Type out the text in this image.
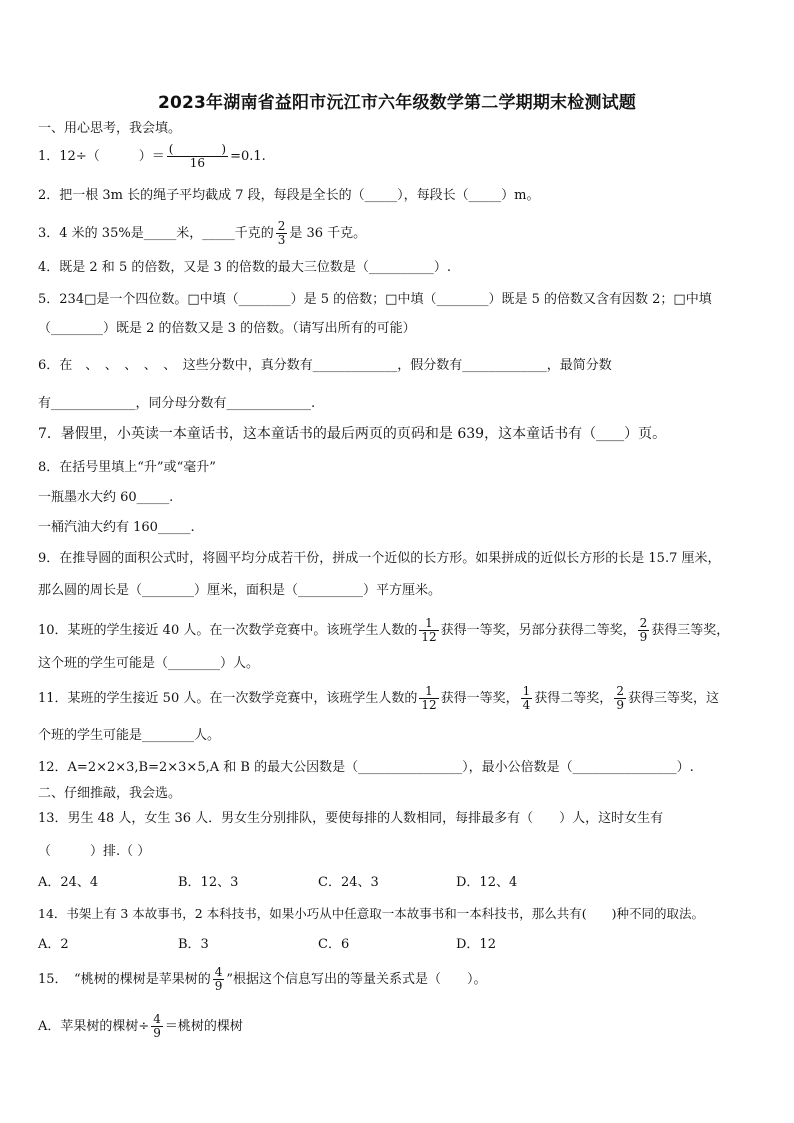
2023年湖南省益阳市沅江市六年级数学第二学期期末检测试题
一、用心思考，我会填。
1．12÷（　　　）＝ $\frac{( )}{16} =0.1$.
2．把一根 3m 长的绳子平均截成 7 段，每段是全长的（_____），每段长（_____）m。
3．4 米的 35%是_____米，_____千克的 $\frac{2}{3}$ 是 36 千克。
4．既是 2 和 5 的倍数，又是 3 的倍数的最大三位数是（__________）.
5．234□是一个四位数。□中填（________）是 5 的倍数；□中填（________）既是 5 的倍数又含有因数 2；□中填
（________）既是 2 的倍数又是 3 的倍数。（请写出所有的可能）
6．在　、　、　、　、　、　这些分数中，真分数有_____________，假分数有_____________，最简分数
有_____________，同分母分数有_____________.
7．暑假里，小英读一本童话书，这本童话书的最后两页的页码和是 639，这本童话书有（____）页。
8．在括号里填上“升”或“毫升”
一瓶墨水大约 60_____.
一桶汽油大约有 160_____.
9．在推导圆的面积公式时，将圆平均分成若干份，拼成一个近似的长方形。如果拼成的近似长方形的长是 15.7 厘米，
那么圆的周长是（________）厘米，面积是（__________）平方厘米。
10．某班的学生接近 40 人。在一次数学竞赛中。该班学生人数的 $\frac{1}{12}$ 获得一等奖，另部分获得二等奖， $\frac{2}{9}$ 获得三等奖，
这个班的学生可能是（________）人。
11．某班的学生接近 50 人。在一次数学竞赛中，该班学生人数的 $\frac{1}{12}$ 获得一等奖， $\frac{1}{4}$ 获得二等奖， $\frac{2}{9}$ 获得三等奖，这
个班的学生可能是________人。
12．A=2×2×3,B=2×3×5,A 和 B 的最大公因数是（________________），最小公倍数是（________________）.
二、仔细推敲，我会选。
13．男生 48 人，女生 36 人．男女生分别排队，要使每排的人数相同，每排最多有（　　）人，这时女生有
（　　　）排.（ ）
A．24、4	B．12、3	C．24、3	D．12、4
14．书架上有 3 本故事书，2 本科技书，如果小巧从中任意取一本故事书和一本科技书，那么共有(　　)种不同的取法。
A．2	B．3	C．6	D．12
15．　“桃树的棵树是苹果树的 $\frac{4}{9}$ ”根据这个信息写出的等量关系式是（　　）。
A．苹果树的棵树÷ $\frac{4}{9}$ ＝桃树的棵树
